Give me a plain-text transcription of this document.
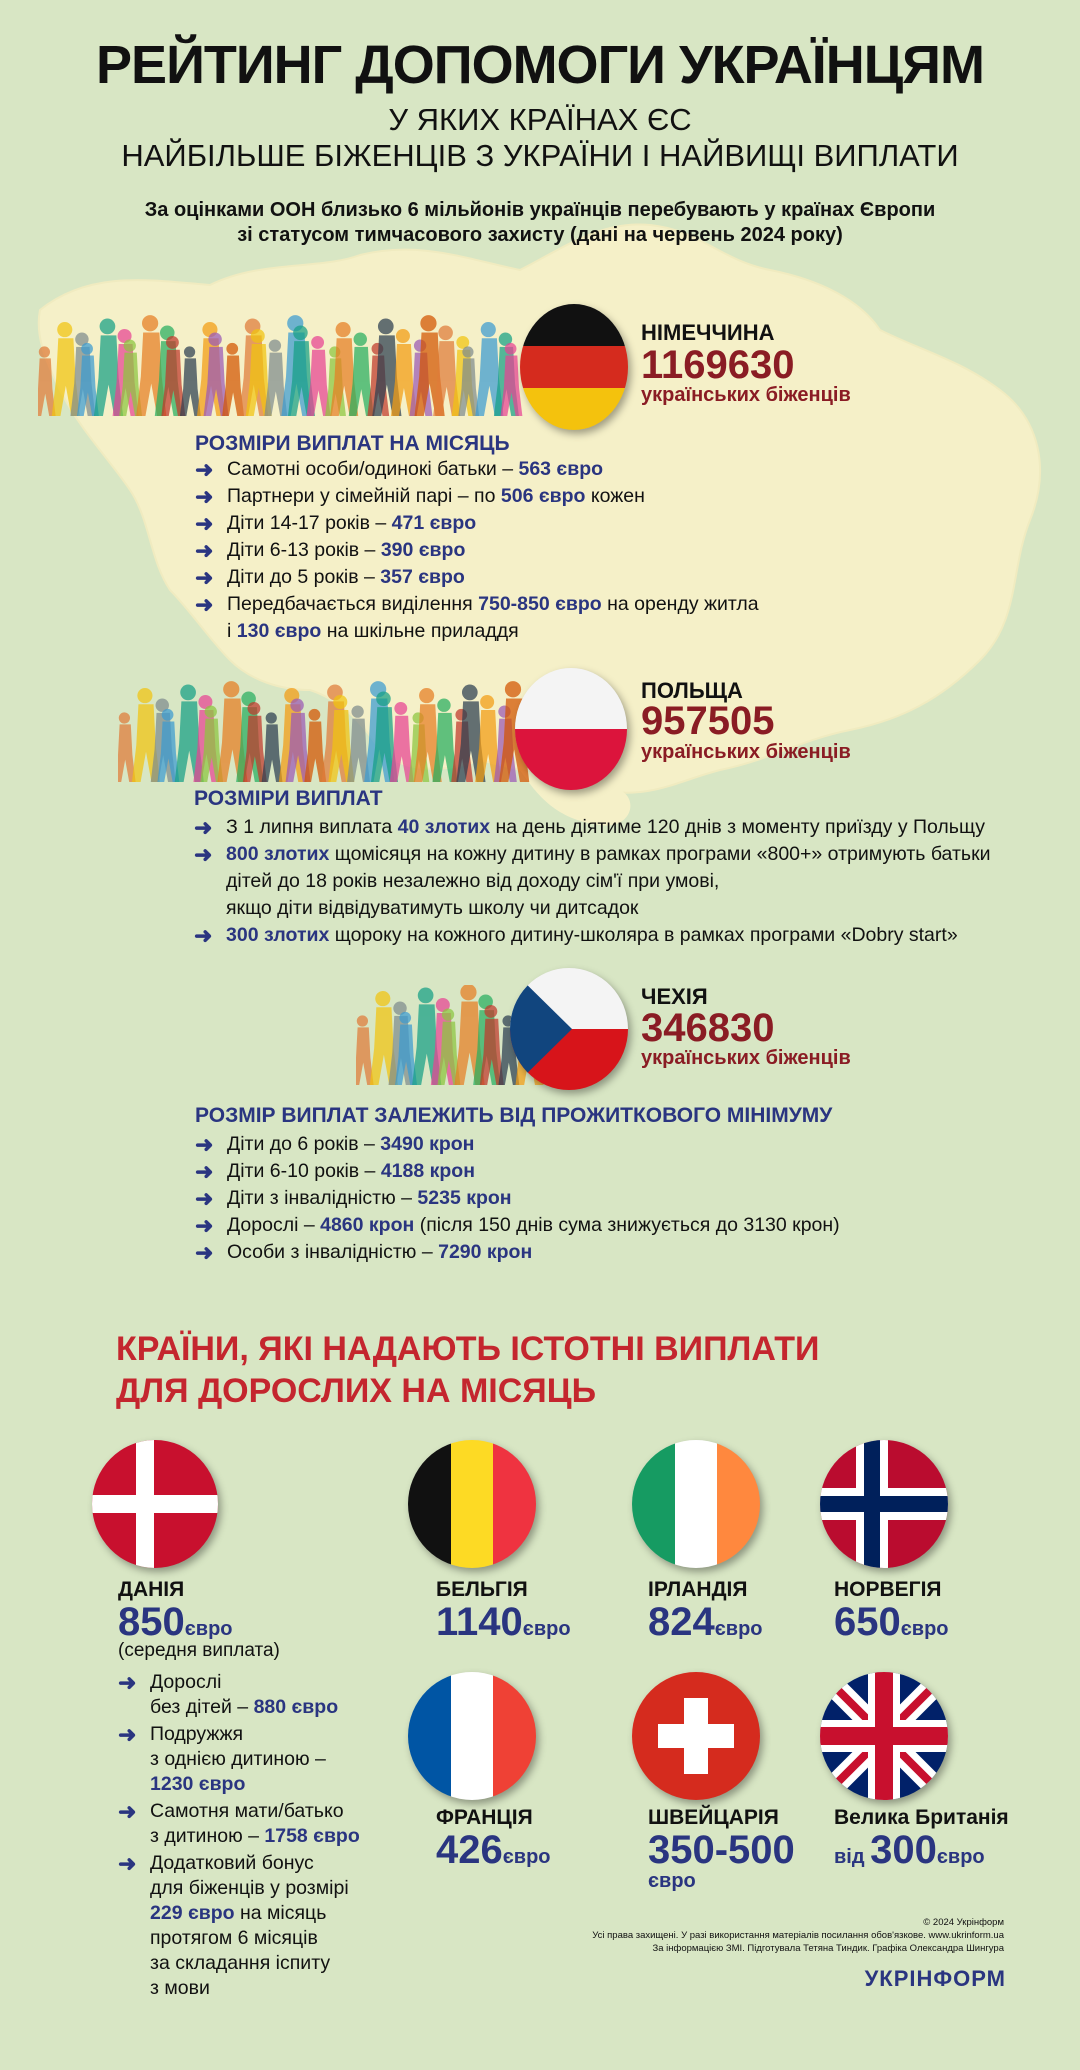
РЕЙТИНГ ДОПОМОГИ УКРАЇНЦЯМ
У ЯКИХ КРАЇНАХ ЄС
НАЙБІЛЬШЕ БІЖЕНЦІВ З УКРАЇНИ І НАЙВИЩІ ВИПЛАТИ
За оцінками ООН близько 6 мільйонів українців перебувають у країнах Європи
зі статусом тимчасового захисту (дані на червень 2024 року)
НІМЕЧЧИНА
1169630
українських біженців
РОЗМІРИ ВИПЛАТ НА МІСЯЦЬ
➜ Самотні особи/одинокі батьки – 563 євро
➜ Партнери у сімейній парі – по 506 євро кожен
➜ Діти 14-17 років – 471 євро
➜ Діти 6-13 років – 390 євро
➜ Діти до 5 років – 357 євро
➜ Передбачається виділення 750-850 євро на оренду житла
і 130 євро на шкільне приладдя
ПОЛЬЩА
957505
українських біженців
РОЗМІРИ ВИПЛАТ
➜ З 1 липня виплата 40 злотих на день діятиме 120 днів з моменту приїзду у Польщу
➜ 800 злотих щомісяця на кожну дитину в рамках програми «800+» отримують батьки
дітей до 18 років незалежно від доходу сім'ї при умові,
якщо діти відвідуватимуть школу чи дитсадок
➜ 300 злотих щороку на кожного дитину-школяра в рамках програми «Dobry start»
ЧЕХІЯ
346830
українських біженців
РОЗМІР ВИПЛАТ ЗАЛЕЖИТЬ ВІД ПРОЖИТКОВОГО МІНІМУМУ
➜ Діти до 6 років – 3490 крон
➜ Діти 6-10 років – 4188 крон
➜ Діти з інвалідністю – 5235 крон
➜ Дорослі – 4860 крон (після 150 днів сума знижується до 3130 крон)
➜ Особи з інвалідністю – 7290 крон
КРАЇНИ, ЯКІ НАДАЮТЬ ІСТОТНІ ВИПЛАТИ
ДЛЯ ДОРОСЛИХ НА МІСЯЦЬ
ДАНІЯ
850євро
(середня виплата)
➜ Дорослі
без дітей – 880 євро
➜ Подружжя
з однією дитиною –
1230 євро
➜ Самотня мати/батько
з дитиною – 1758 євро
➜ Додатковий бонус
для біженців у розмірі
229 євро на місяць
протягом 6 місяців
за складання іспиту
з мови
БЕЛЬГІЯ
1140євро
ІРЛАНДІЯ
824євро
НОРВЕГІЯ
650євро
ФРАНЦІЯ
426євро
ШВЕЙЦАРІЯ
350-500
євро
Велика Британія
від 300євро
© 2024 Укрінформ
Усі права захищені. У разі використання матеріалів посилання обов'язкове. www.ukrinform.ua
За інформацією ЗМІ. Підготувала Тетяна Тиндик. Графіка Олександра Шингура
УКРІНФОРМ
